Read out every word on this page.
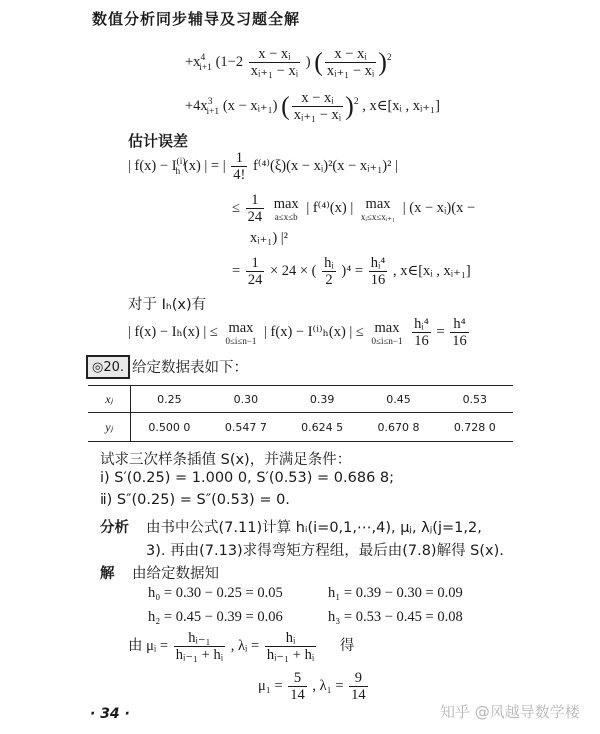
数值分析同步辅导及习题全解
$+x^4_{i+1}$ ($1-2 \frac{\text{x − xᵢ}}{\text{xᵢ₊₁ − xᵢ}}$ ) ( $\frac{\text{x − xᵢ}}{\text{xᵢ₊₁ − xᵢ}} )^2$
$+4x^3_{i+1}$ (x − xᵢ₊₁) ( $\frac{\text{x − xᵢ}}{\text{xᵢ₊₁ − xᵢ}} )^2$ , x∈[xᵢ , xᵢ₊₁]
估计误差
| $f(x) - I^{(i)}_h$ (x) | = | $\frac{1}{4!} f^{(4)}(\xi)(x$ − xᵢ)²(x − xᵢ₊₁)² |
≤ $\frac{1}{24}$
max
a≤x≤b
| f⁽⁴⁾(x) | max
xᵢ≤x≤xᵢ₊₁
| (x − xᵢ)(x −
xᵢ₊₁) |²
= $\frac{1}{24} \times 24$ × ( $\frac{\text{hᵢ}}{2} )^4 = \frac{\text{hᵢ⁴}}{16}$ , x∈[xᵢ , xᵢ₊₁]
对于 Iₕ(x)有
| f(x) − Iₕ(x) | ≤ max
0≤i≤n−1
| f(x) − I⁽ⁱ⁾ₕ(x) | ≤ max
0≤i≤n−1
$\frac{\text{hᵢ⁴}}{16} = \frac{\text{h⁴}}{16}$
◎20. 给定数据表如下：
xⱼ	0.25	0.30	0.39	0.45	0.53
yⱼ	0.500 0	0.547 7	0.624 5	0.670 8	0.728 0
试求三次样条插值 S(x)，并满足条件：
ⅰ) S′(0.25) = 1.000 0, S′(0.53) = 0.686 8;
ⅱ) S″(0.25) = S″(0.53) = 0.
分析 由书中公式(7.11)计算 hᵢ(i=0,1,⋯,4), μⱼ, λⱼ(j=1,2,
3). 再由(7.13)求得弯矩方程组，最后由(7.8)解得 S(x).
解 由给定数据知
h₀ = 0.30 − 0.25 = 0.05	h₁ = 0.39 − 0.30 = 0.09
h₂ = 0.45 − 0.39 = 0.06	h₃ = 0.53 − 0.45 = 0.08
由 μᵢ = $\frac{\text{hᵢ₋₁}}{\text{hᵢ₋₁ + hᵢ}}$ , λᵢ = $\frac{\text{hᵢ}}{\text{hᵢ₋₁ + hᵢ}}$ 得
$\mu_1 = \frac{5}{14}$ , $\lambda_1 = \frac{9}{14}$
· 34 ·	知乎 @风越导数学楼
